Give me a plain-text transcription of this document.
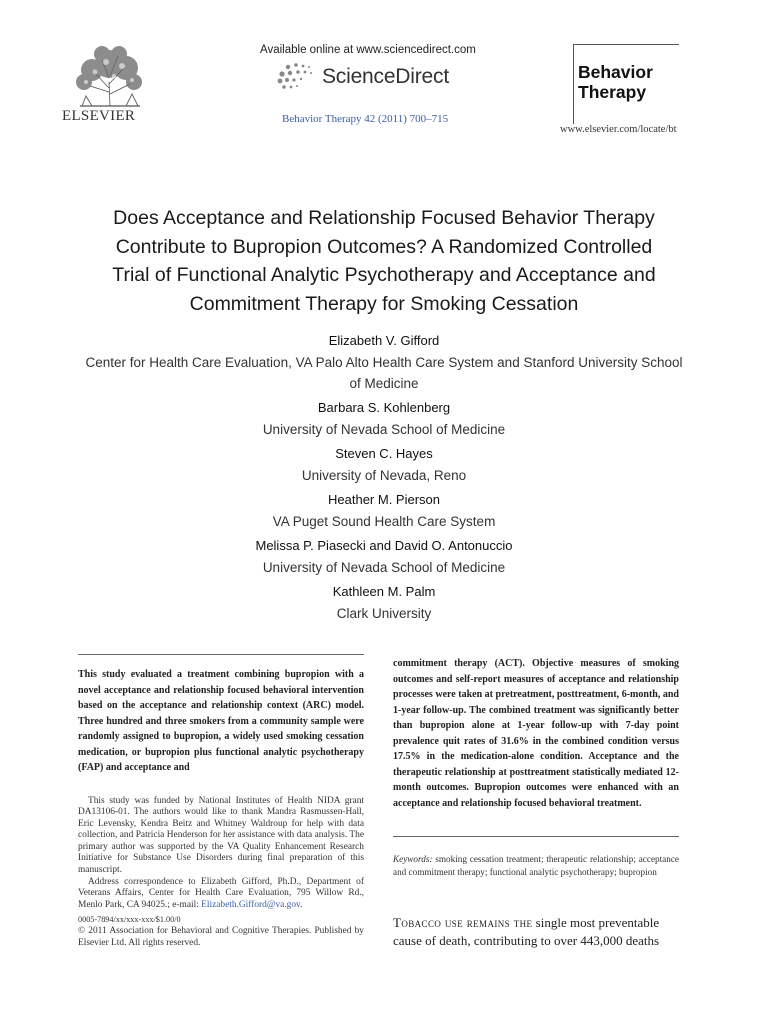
ELSEVIER
Available online at www.sciencedirect.com
ScienceDirect
Behavior Therapy 42 (2011) 700–715
Behavior
Therapy
www.elsevier.com/locate/bt
Does Acceptance and Relationship Focused Behavior Therapy
Contribute to Bupropion Outcomes? A Randomized Controlled
Trial of Functional Analytic Psychotherapy and Acceptance and
Commitment Therapy for Smoking Cessation
Elizabeth V. Gifford
Center for Health Care Evaluation, VA Palo Alto Health Care System and Stanford University School
of Medicine
Barbara S. Kohlenberg
University of Nevada School of Medicine
Steven C. Hayes
University of Nevada, Reno
Heather M. Pierson
VA Puget Sound Health Care System
Melissa P. Piasecki and David O. Antonuccio
University of Nevada School of Medicine
Kathleen M. Palm
Clark University
This study evaluated a treatment combining bupropion with a novel acceptance and relationship focused behavioral intervention based on the acceptance and relationship context (ARC) model. Three hundred and three smokers from a community sample were randomly assigned to bupropion, a widely used smoking cessation medication, or bupropion plus functional analytic psychotherapy (FAP) and acceptance and

This study was funded by National Institutes of Health NIDA grant DA13106-01. The authors would like to thank Mandra Rasmussen-Hall, Eric Levensky, Kendra Beitz and Whitney Waldroup for help with data collection, and Patricia Henderson for her assistance with data analysis. The primary author was supported by the VA Quality Enhancement Research Initiative for Substance Use Disorders during final preparation of this manuscript.

Address correspondence to Elizabeth Gifford, Ph.D., Department of Veterans Affairs, Center for Health Care Evaluation, 795 Willow Rd., Menlo Park, CA 94025.; e-mail: Elizabeth.Gifford@va.gov.

0005-7894/xx/xxx-xxx/$1.00/0
© 2011 Association for Behavioral and Cognitive Therapies. Published by Elsevier Ltd. All rights reserved.
commitment therapy (ACT). Objective measures of smoking outcomes and self-report measures of acceptance and relationship processes were taken at pretreatment, posttreatment, 6-month, and 1-year follow-up. The combined treatment was significantly better than bupropion alone at 1-year follow-up with 7-day point prevalence quit rates of 31.6% in the combined condition versus 17.5% in the medication-alone condition. Acceptance and the therapeutic relationship at posttreatment statistically mediated 12-month outcomes. Bupropion outcomes were enhanced with an acceptance and relationship focused behavioral treatment.
Keywords: smoking cessation treatment; therapeutic relationship; acceptance and commitment therapy; functional analytic psychotherapy; bupropion
Tobacco use remains the single most preventable cause of death, contributing to over 443,000 deaths
